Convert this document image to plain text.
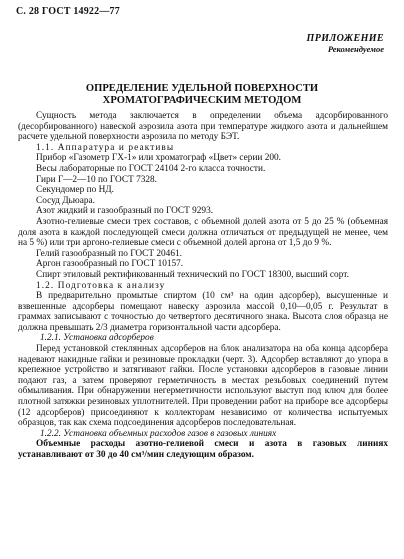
С. 28 ГОСТ 14922—77
ПРИЛОЖЕНИЕ
Рекомендуемое
ОПРЕДЕЛЕНИЕ УДЕЛЬНОЙ ПОВЕРХНОСТИ
ХРОМАТОГРАФИЧЕСКИМ МЕТОДОМ

Сущность метода заключается в определении объема адсорбированного (десорбированного) навеской аэрозила азота при температуре жидкого азота и дальнейшем расчете удельной поверхности аэрозила по методу БЭТ.

1.1. Аппаратура и реактивы

Прибор «Газометр ГХ-1» или хроматограф «Цвет» серии 200.

Весы лабораторные по ГОСТ 24104 2-го класса точности.

Гири Г—2—10 по ГОСТ 7328.

Секундомер по НД.

Сосуд Дьюара.

Азот жидкий и газообразный по ГОСТ 9293.

Азотно-гелиевые смеси трех составов, с объемной долей азота от 5 до 25 % (объемная доля азота в каждой последующей смеси должна отличаться от предыдущей не менее, чем на 5 %) или три аргоно-гелиевые смеси с объемной долей аргона от 1,5 до 9 %.

Гелий газообразный по ГОСТ 20461.

Аргон газообразный по ГОСТ 10157.

Спирт этиловый ректификованный технический по ГОСТ 18300, высший сорт.

1.2. Подготовка к анализу

В предварительно промытые спиртом (10 см³ на один адсорбер), высушенные и взвешенные адсорберы помещают навеску аэрозила массой 0,10—0,05 г. Результат в граммах записывают с точностью до четвертого десятичного знака. Высота слоя образца не должна превышать 2/3 диаметра горизонтальной части адсорбера.

1.2.1. Установка адсорберов

Перед установкой стеклянных адсорберов на блок анализатора на оба конца адсорбера надевают накидные гайки и резиновые прокладки (черт. 3). Адсорбер вставляют до упора в крепежное устройство и затягивают гайки. После установки адсорберов в газовые линии подают газ, а затем проверяют герметичность в местах резьбовых соединений путем обмыливания. При обнаружении негерметичности используют выступ под ключ для более плотной затяжки резиновых уплотнителей. При проведении работ на приборе все адсорберы (12 адсорберов) присоединяют к коллекторам независимо от количества испытуемых образцов, так как схема подсоединения адсорберов последовательная.

1.2.2. Установка объемных расходов газов в газовых линиях

Объемные расходы азотно-гелиевой смеси и азота в газовых линиях устанавливают от 30 до 40 см³/мин следующим образом.
